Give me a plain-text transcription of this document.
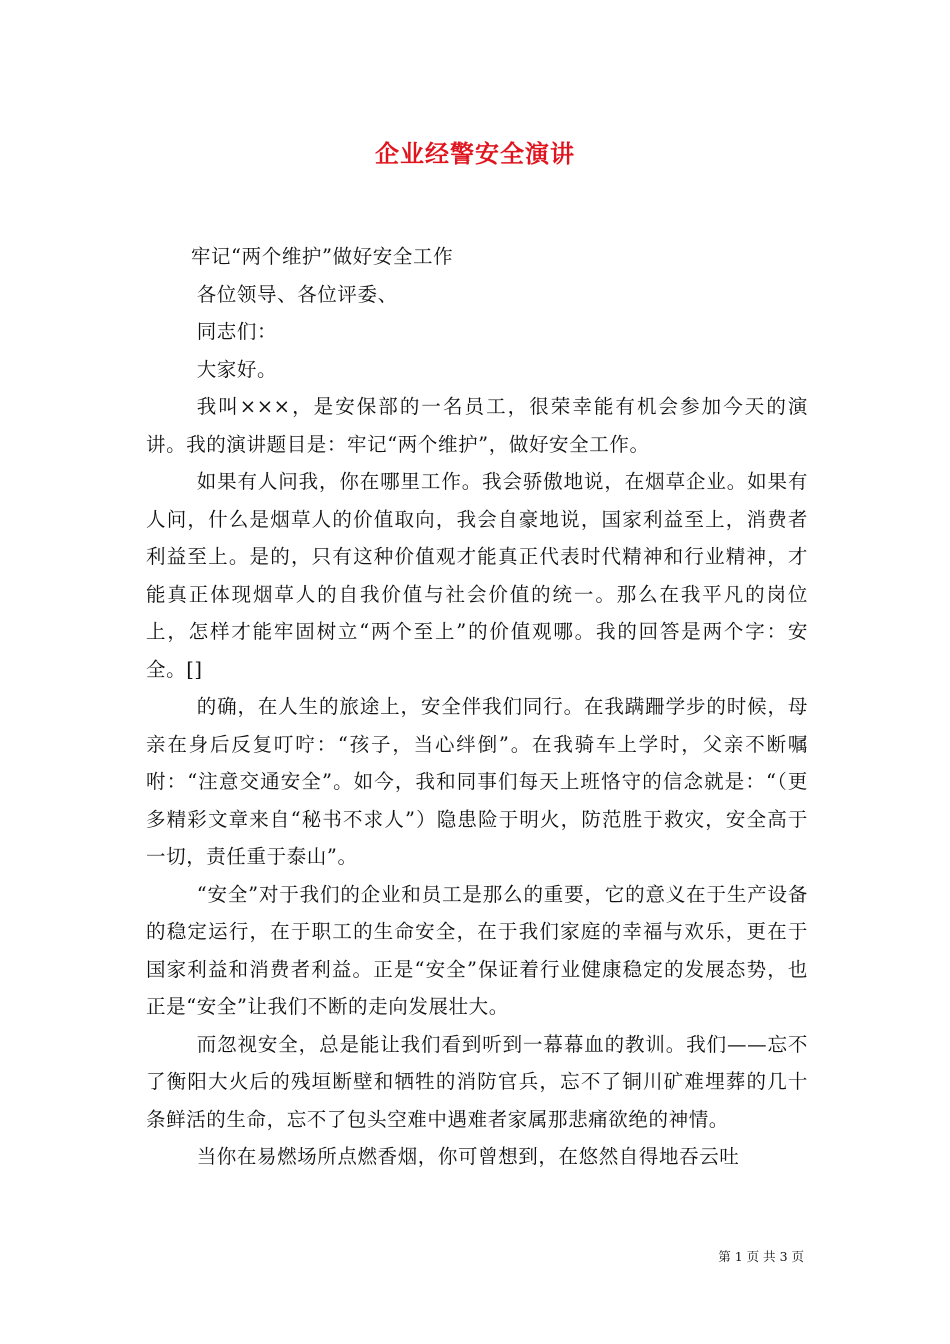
企业经警安全演讲

牢记“两个维护”做好安全工作

各位领导、各位评委、

同志们：

大家好。

我叫×××，是安保部的一名员工，很荣幸能有机会参加今天的演讲。我的演讲题目是：牢记“两个维护”，做好安全工作。

如果有人问我，你在哪里工作。我会骄傲地说，在烟草企业。如果有人问，什么是烟草人的价值取向，我会自豪地说，国家利益至上，消费者利益至上。是的，只有这种价值观才能真正代表时代精神和行业精神，才能真正体现烟草人的自我价值与社会价值的统一。那么在我平凡的岗位上，怎样才能牢固树立“两个至上”的价值观哪。我的回答是两个字：安全。[]

的确，在人生的旅途上，安全伴我们同行。在我蹒跚学步的时候，母亲在身后反复叮咛：“孩子，当心绊倒”。在我骑车上学时，父亲不断嘱咐：“注意交通安全”。如今，我和同事们每天上班恪守的信念就是：“（更多精彩文章来自“秘书不求人”）隐患险于明火，防范胜于救灾，安全高于一切，责任重于泰山”。

“安全”对于我们的企业和员工是那么的重要，它的意义在于生产设备的稳定运行，在于职工的生命安全，在于我们家庭的幸福与欢乐，更在于国家利益和消费者利益。正是“安全”保证着行业健康稳定的发展态势，也正是“安全”让我们不断的走向发展壮大。

而忽视安全，总是能让我们看到听到一幕幕血的教训。我们——忘不了衡阳大火后的残垣断壁和牺牲的消防官兵，忘不了铜川矿难埋葬的几十条鲜活的生命，忘不了包头空难中遇难者家属那悲痛欲绝的神情。

当你在易燃场所点燃香烟，你可曾想到，在悠然自得地吞云吐

第 1 页 共 3 页
